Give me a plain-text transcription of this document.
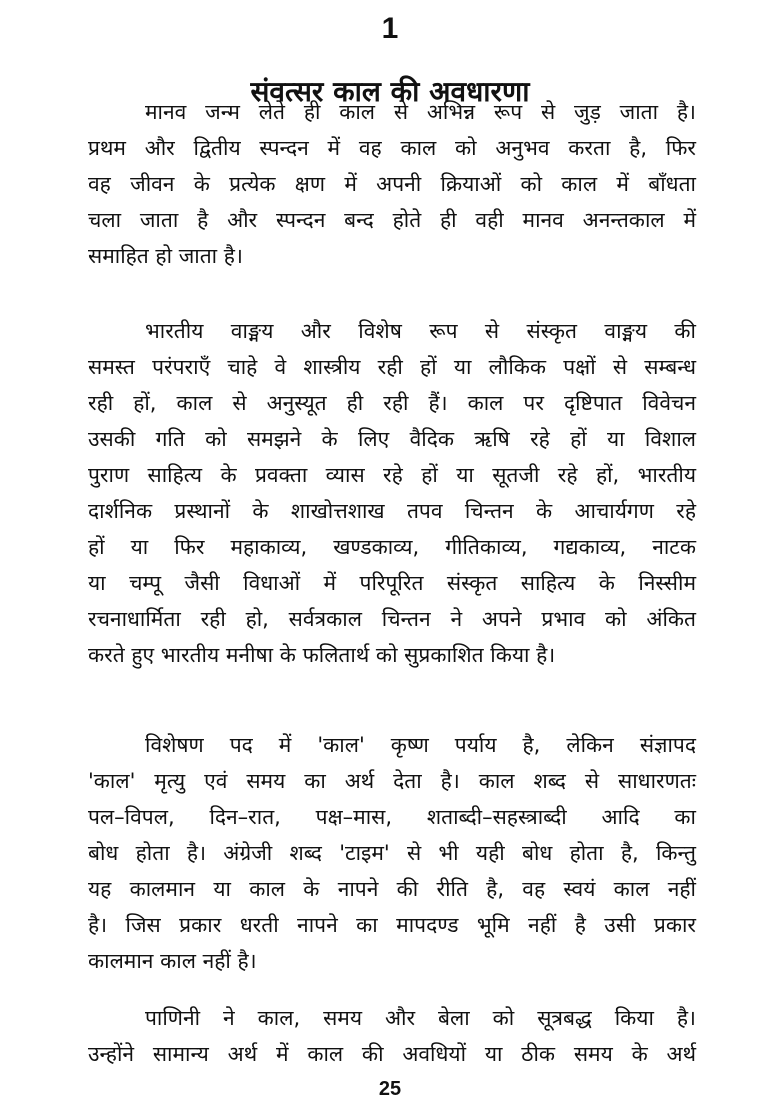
1
संवत्सर काल की अवधारणा
मानव जन्म लेते ही काल से अभिन्न रूप से जुड़ जाता है।
प्रथम और द्वितीय स्पन्दन में वह काल को अनुभव करता है, फिर
वह जीवन के प्रत्येक क्षण में अपनी क्रियाओं को काल में बाँधता
चला जाता है और स्पन्दन बन्द होते ही वही मानव अनन्तकाल में
समाहित हो जाता है।
भारतीय वाङ्मय और विशेष रूप से संस्कृत वाङ्मय की
समस्त परंपराएँ चाहे वे शास्त्रीय रही हों या लौकिक पक्षों से सम्बन्ध
रही हों, काल से अनुस्यूत ही रही हैं। काल पर दृष्टिपात विवेचन
उसकी गति को समझने के लिए वैदिक ऋषि रहे हों या विशाल
पुराण साहित्य के प्रवक्ता व्यास रहे हों या सूतजी रहे हों, भारतीय
दार्शनिक प्रस्थानों के शाखोत्तशाख तपव चिन्तन के आचार्यगण रहे
हों या फिर महाकाव्य, खण्डकाव्य, गीतिकाव्य, गद्यकाव्य, नाटक
या चम्पू जैसी विधाओं में परिपूरित संस्कृत साहित्य के निस्सीम
रचनाधार्मिता रही हो, सर्वत्रकाल चिन्तन ने अपने प्रभाव को अंकित
करते हुए भारतीय मनीषा के फलितार्थ को सुप्रकाशित किया है।
विशेषण पद में 'काल' कृष्ण पर्याय है, लेकिन संज्ञापद
'काल' मृत्यु एवं समय का अर्थ देता है। काल शब्द से साधारणतः
पल–विपल, दिन–रात, पक्ष–मास, शताब्दी–सहस्त्राब्दी आदि का
बोध होता है। अंग्रेजी शब्द 'टाइम' से भी यही बोध होता है, किन्तु
यह कालमान या काल के नापने की रीति है, वह स्वयं काल नहीं
है। जिस प्रकार धरती नापने का मापदण्ड भूमि नहीं है उसी प्रकार
कालमान काल नहीं है।
पाणिनी ने काल, समय और बेला को सूत्रबद्ध किया है।
उन्होंने सामान्य अर्थ में काल की अवधियों या ठीक समय के अर्थ
25
